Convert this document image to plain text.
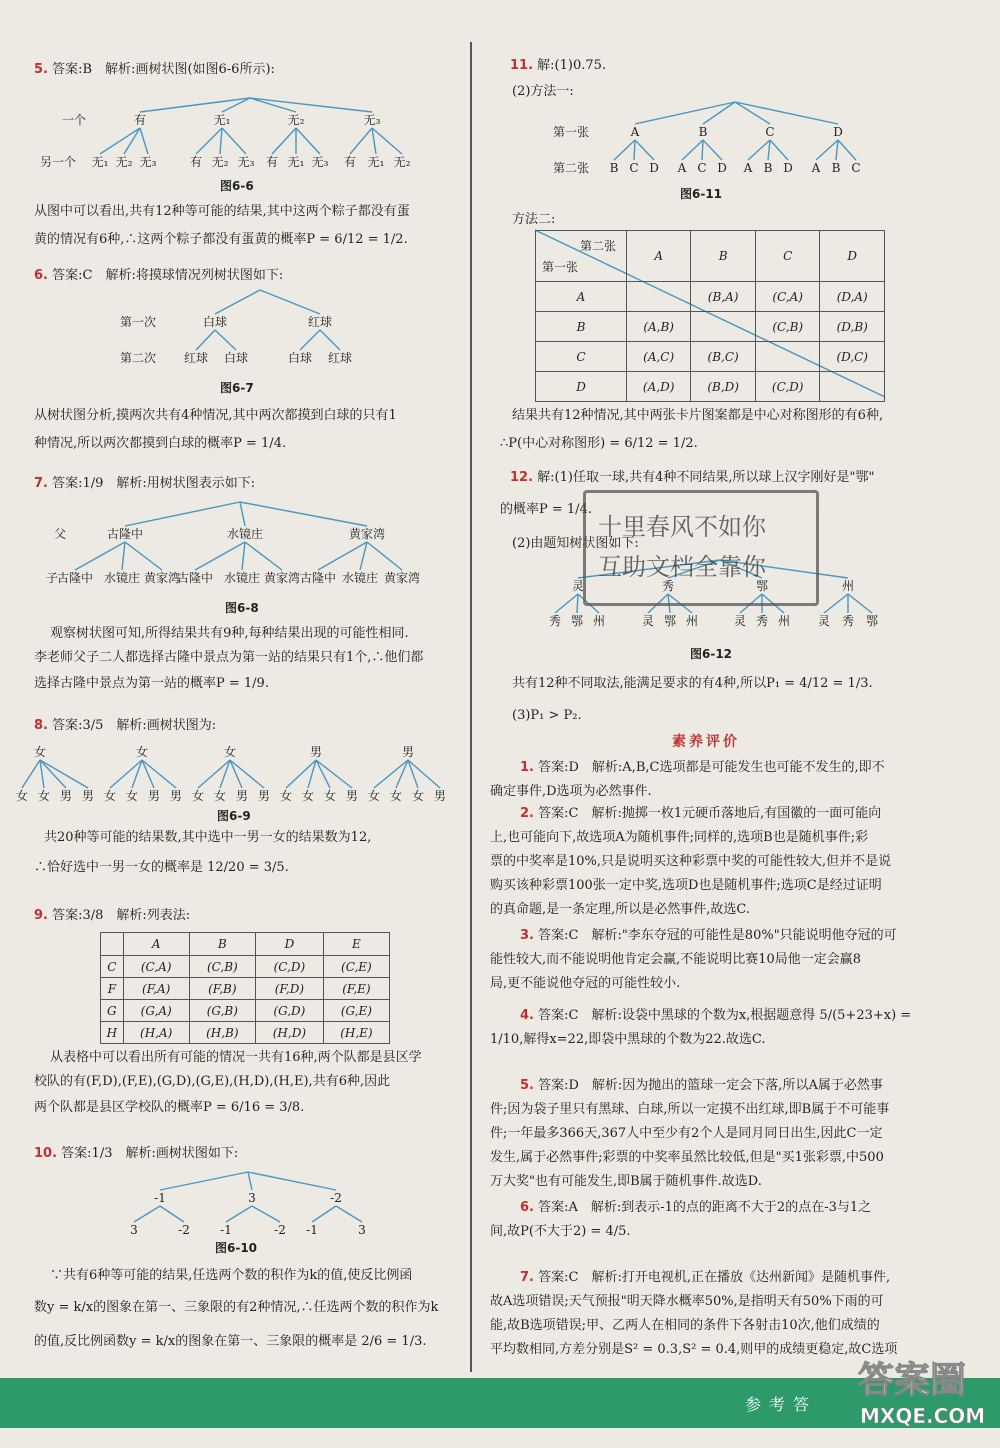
5. 答案:B　解析:画树状图(如图6-6所示):
有	无₁	无₂	无₃
无₁ 无₂ 无₃	有 无₂ 无₃ 有 无₁ 无₃ 有 无₁ 无₂
一个
另一个
图6-6
从图中可以看出,共有12种等可能的结果,其中这两个粽子都没有蛋
黄的情况有6种,∴这两个粽子都没有蛋黄的概率P = 6/12 = 1/2.
6. 答案:C　解析:将摸球情况列树状图如下:
白球	红球
红球 白球	白球 红球
第一次
第二次
图6-7
从树状图分析,摸两次共有4种情况,其中两次都摸到白球的只有1
种情况,所以两次都摸到白球的概率P = 1/4.
7. 答案:1/9　解析:用树状图表示如下:
古隆中	水镜庄	黄家湾
古隆中 水镜庄 黄家湾
古隆中 水镜庄 黄家湾 古隆中 水镜庄 黄家湾
父
子
图6-8
观察树状图可知,所得结果共有9种,每种结果出现的可能性相同.
李老师父子二人都选择古隆中景点为第一站的结果只有1个,∴他们都
选择古隆中景点为第一站的概率P = 1/9.
8. 答案:3/5　解析:画树状图为:
女	女	女	男	男
女 女 男 男 女 女 男 男 女 女 男 男 女 女 女 男 女 女 女 男
图6-9
共20种等可能的结果数,其中选中一男一女的结果数为12,
∴恰好选中一男一女的概率是 12/20 = 3/5.
9. 答案:3/8　解析:列表法:
	A	B	D	E
C	(C,A)	(C,B)	(C,D)	(C,E)
F	(F,A)	(F,B)	(F,D)	(F,E)
G	(G,A)	(G,B)	(G,D)	(G,E)
H	(H,A)	(H,B)	(H,D)	(H,E)
从表格中可以看出所有可能的情况一共有16种,两个队都是县区学
校队的有(F,D),(F,E),(G,D),(G,E),(H,D),(H,E),共有6种,因此
两个队都是县区学校队的概率P = 6/16 = 3/8.
10. 答案:1/3　解析:画树状图如下:
-1	3	-2
3	-2	-1	-2 -1	3
图6-10
∵共有6种等可能的结果,任选两个数的积作为k的值,使反比例函
数y = k/x的图象在第一、三象限的有2种情况,∴任选两个数的积作为k
的值,反比例函数y = k/x的图象在第一、三象限的概率是 2/6 = 1/3.
11. 解:(1)0.75.
(2)方法一:
A	B	C	D
B C D A C D A B D A B C
第一张
第二张
图6-11
方法二:
第二张
第一张	A	B	C	D
A		(B,A)	(C,A)	(D,A)
B	(A,B)		(C,B)	(D,B)
C	(A,C)	(B,C)		(D,C)
D	(A,D)	(B,D)	(C,D)	
结果共有12种情况,其中两张卡片图案都是中心对称图形的有6种,
∴P(中心对称图形) = 6/12 = 1/2.
12. 解:(1)任取一球,共有4种不同结果,所以球上汉字刚好是"鄂"
的概率P = 1/4.
(2)由题知树状图如下:
灵	秀	鄂	州
秀 鄂 州	灵 鄂 州	灵 秀 州 灵 秀 鄂
十里春风不如你
互助文档全靠你
图6-12
共有12种不同取法,能满足要求的有4种,所以P₁ = 4/12 = 1/3.
(3)P₁ > P₂.
素养评价
1. 答案:D　解析:A,B,C选项都是可能发生也可能不发生的,即不
确定事件,D选项为必然事件.
2. 答案:C　解析:抛掷一枚1元硬币落地后,有国徽的一面可能向
上,也可能向下,故选项A为随机事件;同样的,选项B也是随机事件;彩
票的中奖率是10%,只是说明买这种彩票中奖的可能性较大,但并不是说
购买该种彩票100张一定中奖,选项D也是随机事件;选项C是经过证明
的真命题,是一条定理,所以是必然事件,故选C.
3. 答案:C　解析:"李东夺冠的可能性是80%"只能说明他夺冠的可
能性较大,而不能说明他肯定会赢,不能说明比赛10局他一定会赢8
局,更不能说他夺冠的可能性较小.
4. 答案:C　解析:设袋中黑球的个数为x,根据题意得 5/(5+23+x) =
1/10,解得x=22,即袋中黑球的个数为22.故选C.
5. 答案:D　解析:因为抛出的篮球一定会下落,所以A属于必然事
件;因为袋子里只有黑球、白球,所以一定摸不出红球,即B属于不可能事
件;一年最多366天,367人中至少有2个人是同月同日出生,因此C一定
发生,属于必然事件;彩票的中奖率虽然比较低,但是"买1张彩票,中500
万大奖"也有可能发生,即B属于随机事件.故选D.
6. 答案:A　解析:到表示-1的点的距离不大于2的点在-3与1之
间,故P(不大于2) = 4/5.
7. 答案:C　解析:打开电视机,正在播放《达州新闻》是随机事件,
故A选项错误;天气预报"明天降水概率50%,是指明天有50%下雨的可
能,故B选项错误;甲、乙两人在相同的条件下各射击10次,他们成绩的
平均数相同,方差分别是S² = 0.3,S² = 0.4,则甲的成绩更稳定,故C选项
参考答
答案圈
MXQE.COM
